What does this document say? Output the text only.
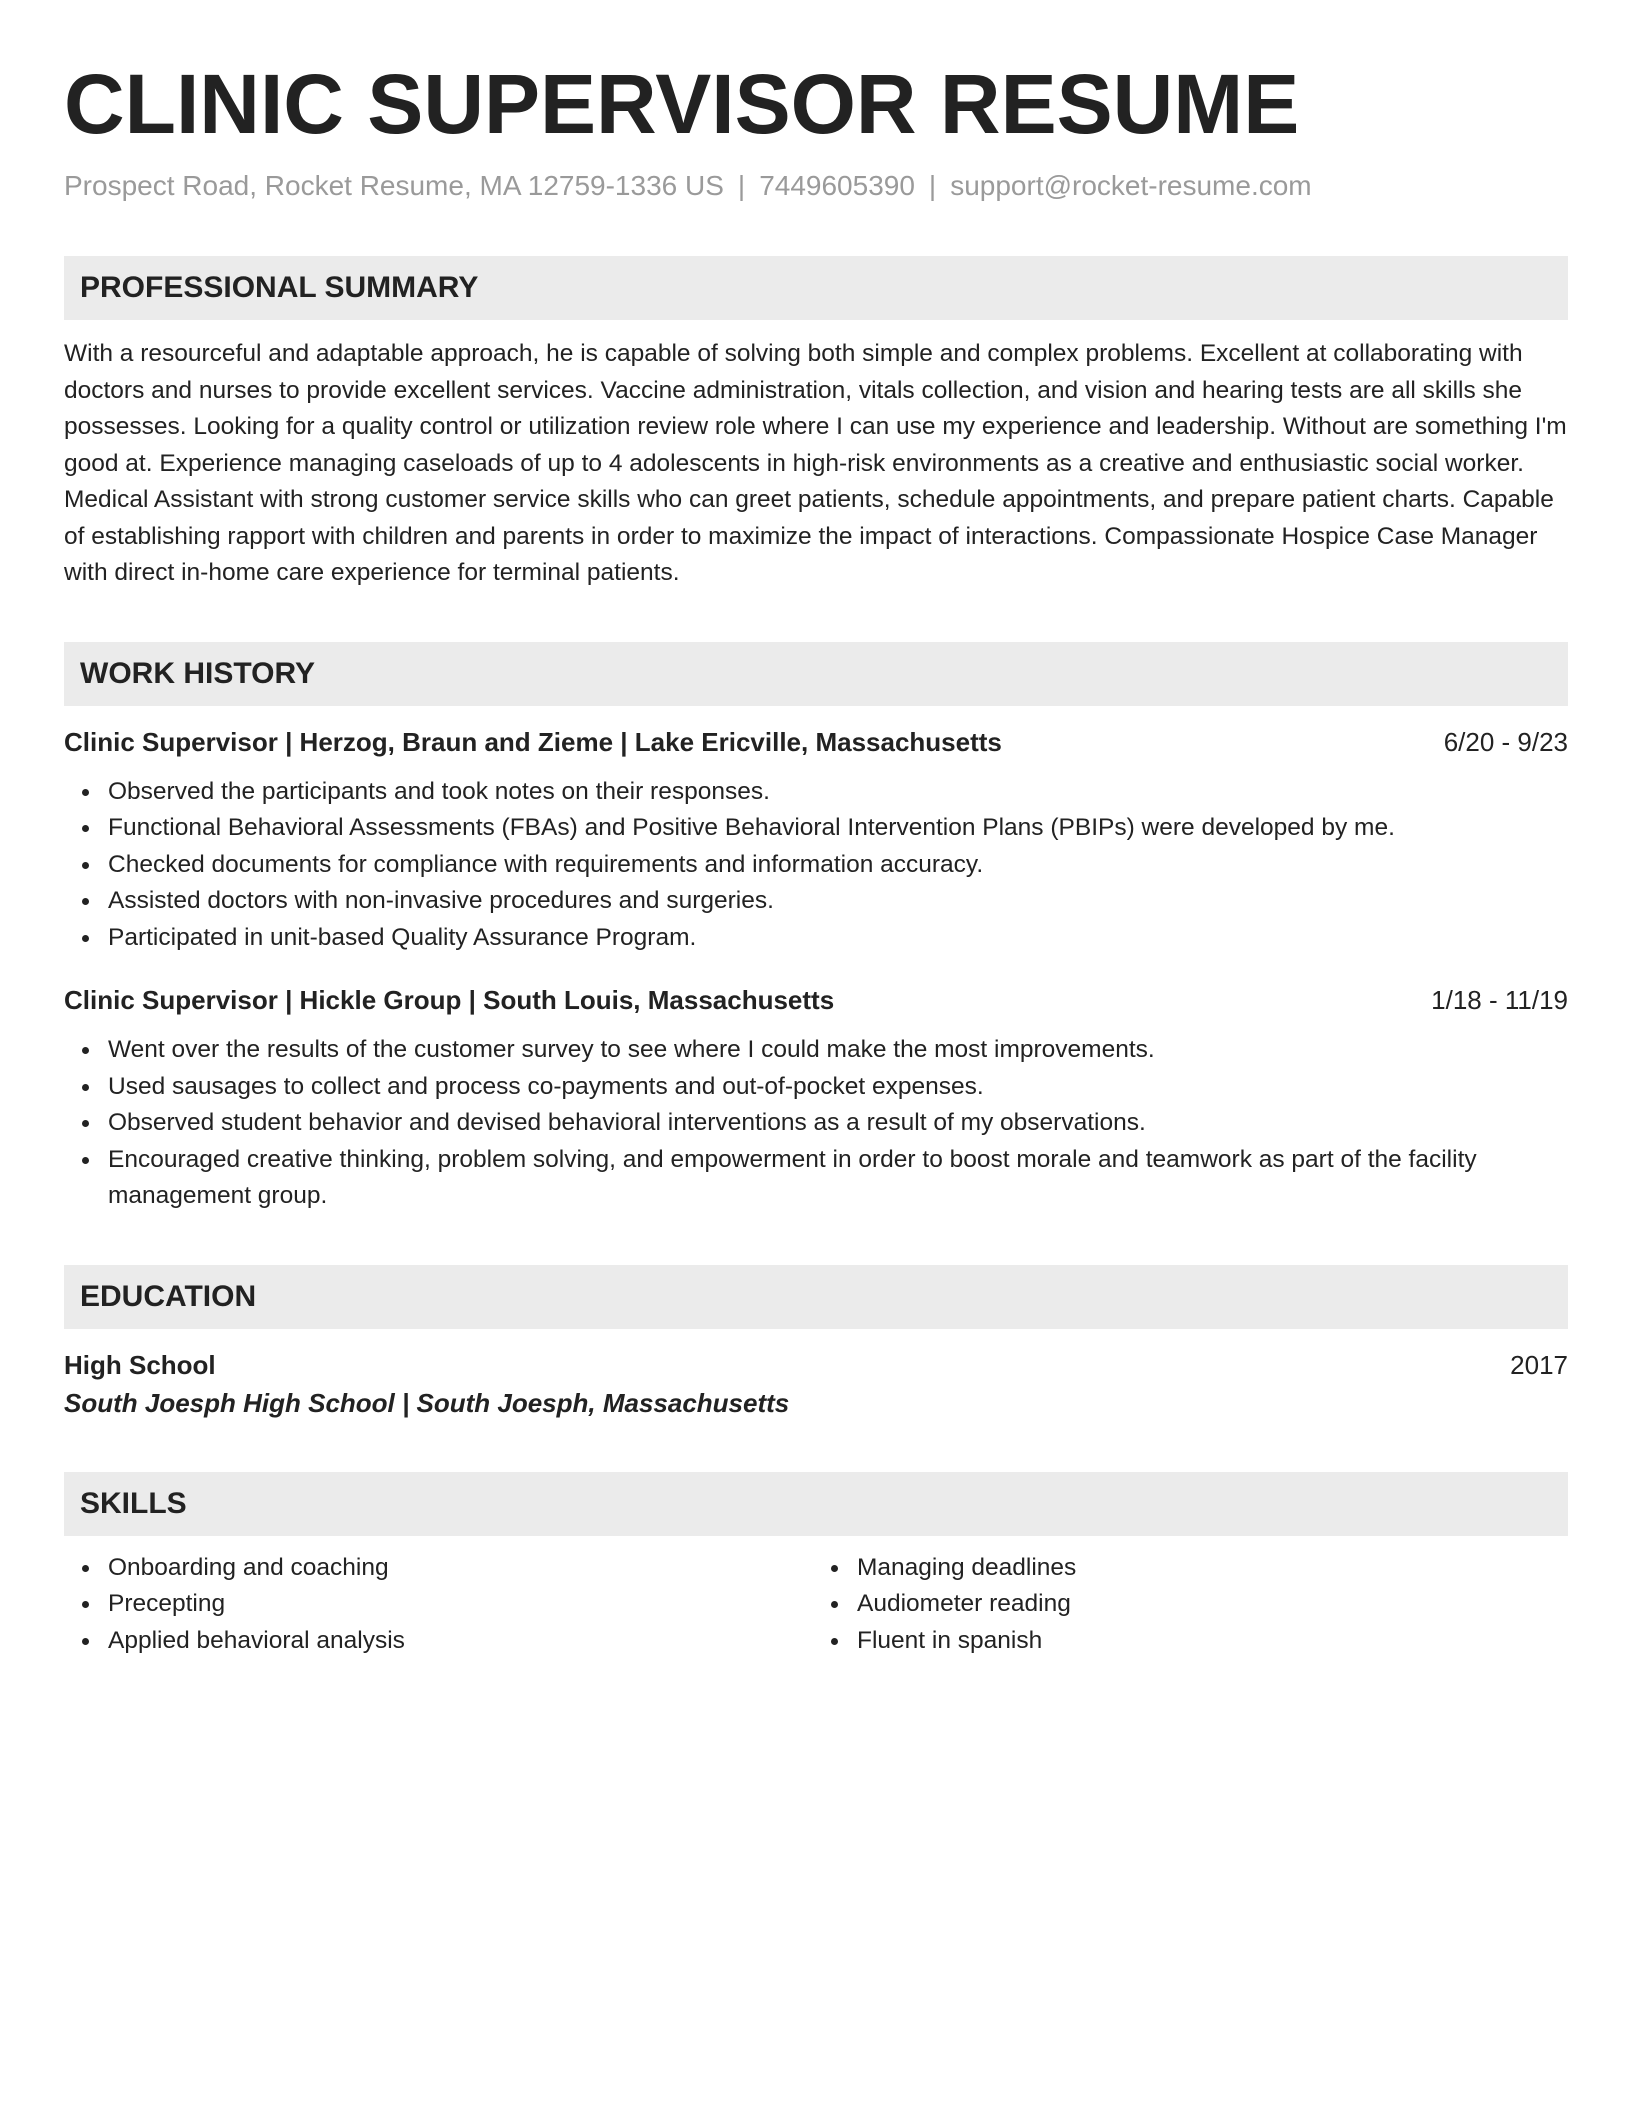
CLINIC SUPERVISOR RESUME
Prospect Road, Rocket Resume, MA 12759-1336 US | 7449605390 | support@rocket-resume.com
PROFESSIONAL SUMMARY
With a resourceful and adaptable approach, he is capable of solving both simple and complex problems. Excellent at collaborating with doctors and nurses to provide excellent services. Vaccine administration, vitals collection, and vision and hearing tests are all skills she possesses. Looking for a quality control or utilization review role where I can use my experience and leadership. Without are something I'm good at. Experience managing caseloads of up to 4 adolescents in high-risk environments as a creative and enthusiastic social worker. Medical Assistant with strong customer service skills who can greet patients, schedule appointments, and prepare patient charts. Capable of establishing rapport with children and parents in order to maximize the impact of interactions. Compassionate Hospice Case Manager with direct in-home care experience for terminal patients.
WORK HISTORY
Clinic Supervisor | Herzog, Braun and Zieme | Lake Ericville, Massachusetts	6/20 - 9/23
Observed the participants and took notes on their responses.
Functional Behavioral Assessments (FBAs) and Positive Behavioral Intervention Plans (PBIPs) were developed by me.
Checked documents for compliance with requirements and information accuracy.
Assisted doctors with non-invasive procedures and surgeries.
Participated in unit-based Quality Assurance Program.
Clinic Supervisor | Hickle Group | South Louis, Massachusetts	1/18 - 11/19
Went over the results of the customer survey to see where I could make the most improvements.
Used sausages to collect and process co-payments and out-of-pocket expenses.
Observed student behavior and devised behavioral interventions as a result of my observations.
Encouraged creative thinking, problem solving, and empowerment in order to boost morale and teamwork as part of the facility management group.
EDUCATION
High School	2017
South Joesph High School | South Joesph, Massachusetts
SKILLS
Onboarding and coaching
Precepting
Applied behavioral analysis
Managing deadlines
Audiometer reading
Fluent in spanish
